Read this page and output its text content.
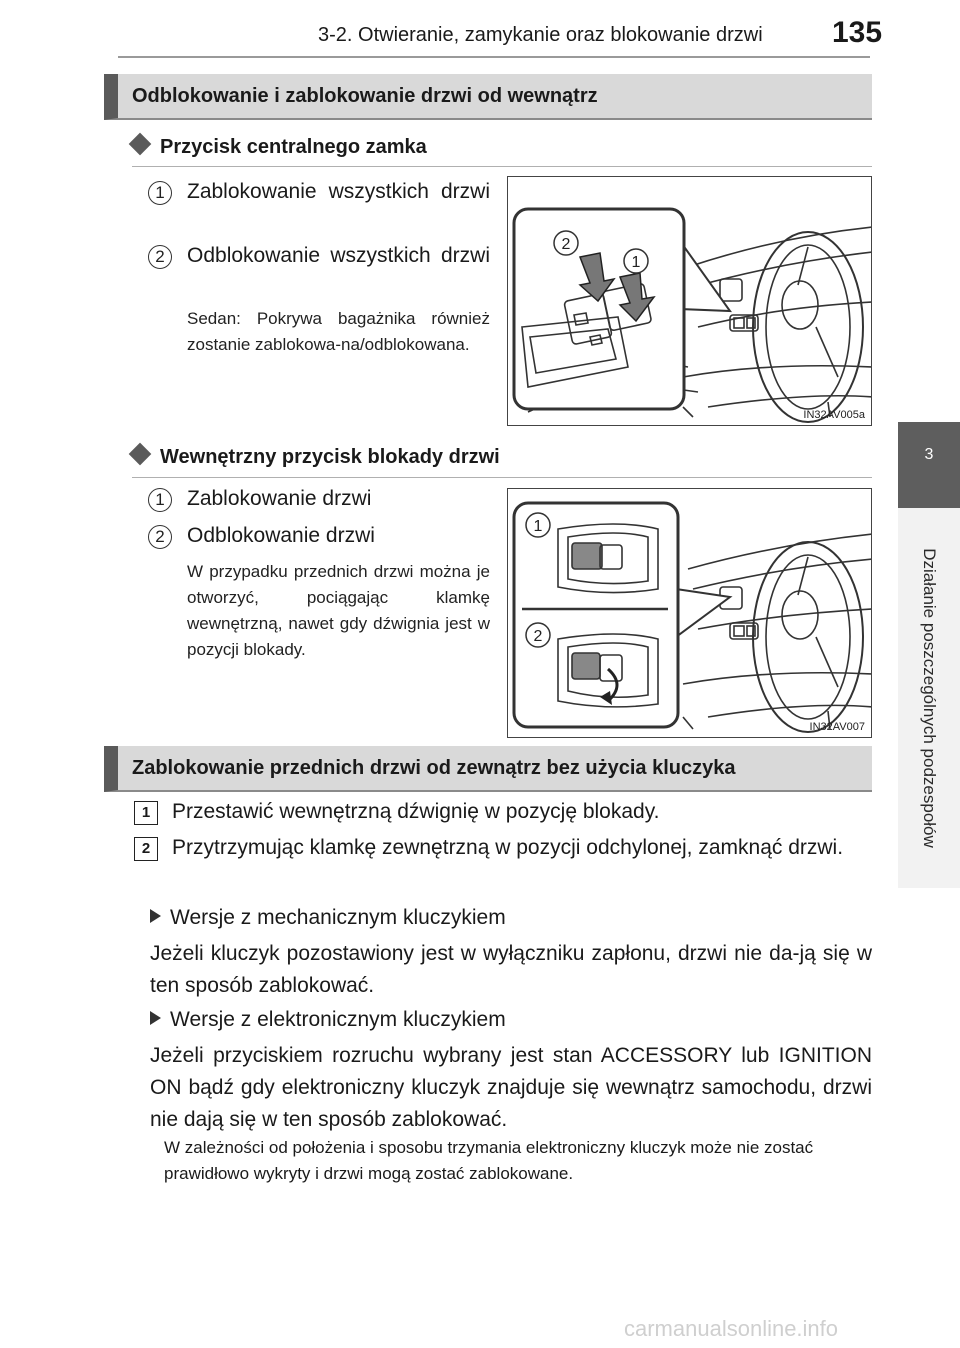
3-2. Otwieranie, zamykanie oraz blokowanie drzwi 135
3
Działanie poszczególnych podzespołów
Odblokowanie i zablokowanie drzwi od wewnątrz
Przycisk centralnego zamka
1	Zablokowanie wszystkich drzwi
2	Odblokowanie wszystkich drzwi
Sedan: Pokrywa bagażnika również zostanie zablokowa-na/odblokowana.
2
1
IN32AV005a
Wewnętrzny przycisk blokady drzwi
1	Zablokowanie drzwi
2	Odblokowanie drzwi
W przypadku przednich drzwi można je otworzyć, pociągając klamkę wewnętrzną, nawet gdy dźwignia jest w pozycji blokady.
1
2
IN32AV007
Zablokowanie przednich drzwi od zewnątrz bez użycia kluczyka
1	Przestawić wewnętrzną dźwignię w pozycję blokady.
2	Przytrzymując klamkę zewnętrzną w pozycji odchylonej, zamknąć drzwi.
Wersje z mechanicznym kluczykiem
Jeżeli kluczyk pozostawiony jest w wyłączniku zapłonu, drzwi nie da-ją się w ten sposób zablokować.
Wersje z elektronicznym kluczykiem
Jeżeli przyciskiem rozruchu wybrany jest stan ACCESSORY lub IGNITION ON bądź gdy elektroniczny kluczyk znajduje się wewnątrz samochodu, drzwi nie dają się w ten sposób zablokować.
W zależności od położenia i sposobu trzymania elektroniczny kluczyk może nie zostać prawidłowo wykryty i drzwi mogą zostać zablokowane.
carmanualsonline.info
